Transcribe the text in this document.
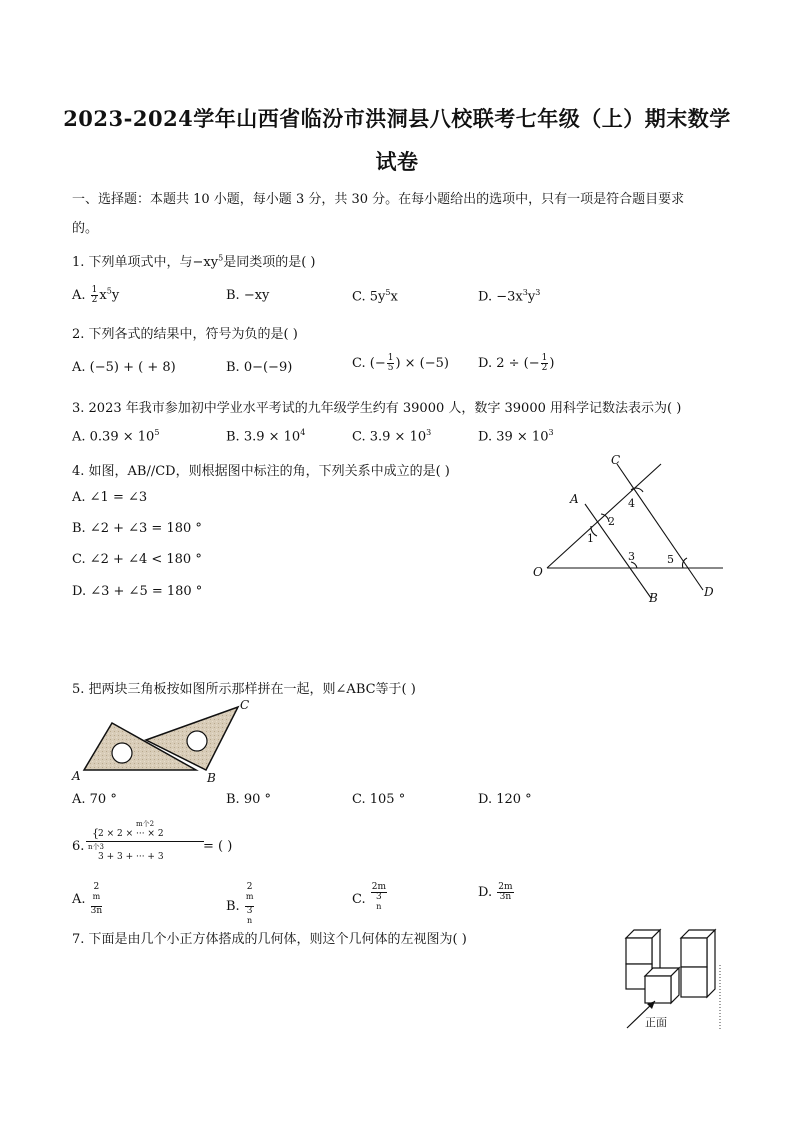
2023-2024学年山西省临汾市洪洞县八校联考七年级（上）期末数学
试卷
一、选择题：本题共 10 小题，每小题 3 分，共 30 分。在每小题给出的选项中，只有一项是符合题目要求
的。
1. 下列单项式中，与$-xy^5$是同类项的是( )
A. $\frac{1}{2} x^5y$	B. −xy	C. $5y^5x$	D. $-3x^3y^3$
2. 下列各式的结果中，符号为负的是( )
A. (−5) + ( + 8)	B. 0−(−9)	C. (− $\frac{1}{5}$ ) × (−5) D. 2 ÷ (− $\frac{1}{2}$ )
3. 2023 年我市参加初中学业水平考试的九年级学生约有 39000 人，数字 39000 用科学记数法表示为( )
A. $0.39 \times 10^5$	B. $3.9 \times 10^4$	C. $3.9 \times 10^3$	D. $39 \times 10^3$
4. 如图，AB//CD，则根据图中标注的角，下列关系中成立的是( )
A. ∠1 = ∠3
B. ∠2 + ∠3 = 180 °
C. ∠2 + ∠4 < 180 °
D. ∠3 + ∠5 = 180 °
C
A
O
B	D
1
2
3
4
5
5. 把两块三角板按如图所示那样拼在一起，则∠ABC等于( )
A	B
C
A. 70 °	B. 90 °	C. 105 °	D. 120 °
6.
m个2
2 × 2 × ··· × 2
{
n个3
3 + 3 + ··· + 3
= ( )
A. 2
$^m$
3n	B. 2
$^m$
3
$^n$	C. 2m
3
$^n$	D. $\frac{2m}{3n}$
7. 下面是由几个小正方体搭成的几何体，则这个几何体的左视图为( )
正面
